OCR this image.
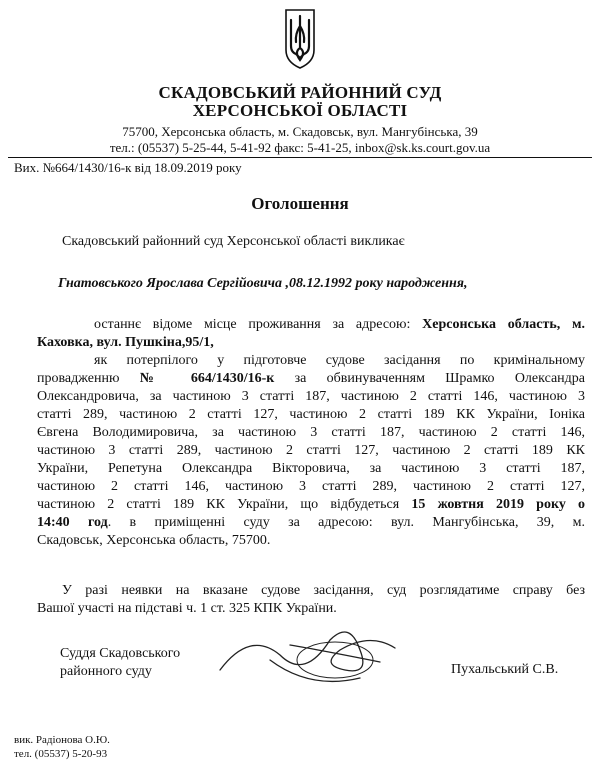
СКАДОВСЬКИЙ РАЙОННИЙ СУД
ХЕРСОНСЬКОЇ ОБЛАСТІ
75700, Херсонська область, м. Скадовськ, вул. Мангубінська, 39
тел.: (05537) 5-25-44, 5-41-92 факс: 5-41-25, inbox@sk.ks.court.gov.ua
Вих. №664/1430/16-к від 18.09.2019 року
Оголошення
Скадовський районний суд Херсонської області викликає
Гнатовського Ярослава Сергійовича ,08.12.1992 року народження,
останнє відоме місце проживання за адресою: Херсонська область, м.
Каховка, вул. Пушкіна,95/1,
як потерпілого у підготовче судове засідання по кримінальному
провадженню № 664/1430/16-к за обвинуваченням Шрамко Олександра
Олександровича, за частиною 3 статті 187, частиною 2 статті 146, частиною 3
статті 289, частиною 2 статті 127, частиною 2 статті 189 КК України, Іоніка
Євгена Володимировича, за частиною 3 статті 187, частиною 2 статті 146,
частиною 3 статті 289, частиною 2 статті 127, частиною 2 статті 189 КК
України, Репетуна Олександра Вікторовича, за частиною 3 статті 187,
частиною 2 статті 146, частиною 3 статті 289, частиною 2 статті 127,
частиною 2 статті 189 КК України, що відбудеться 15 жовтня 2019 року о
14:40 год. в приміщенні суду за адресою: вул. Мангубінська, 39, м.
Скадовськ, Херсонська область, 75700.
У разі неявки на вказане судове засідання, суд розглядатиме справу без
Вашої участі на підставі ч. 1 ст. 325 КПК України.
Суддя Скадовського
районного суду	Пухальський С.В.
вик. Радіонова О.Ю.
тел. (05537) 5-20-93
